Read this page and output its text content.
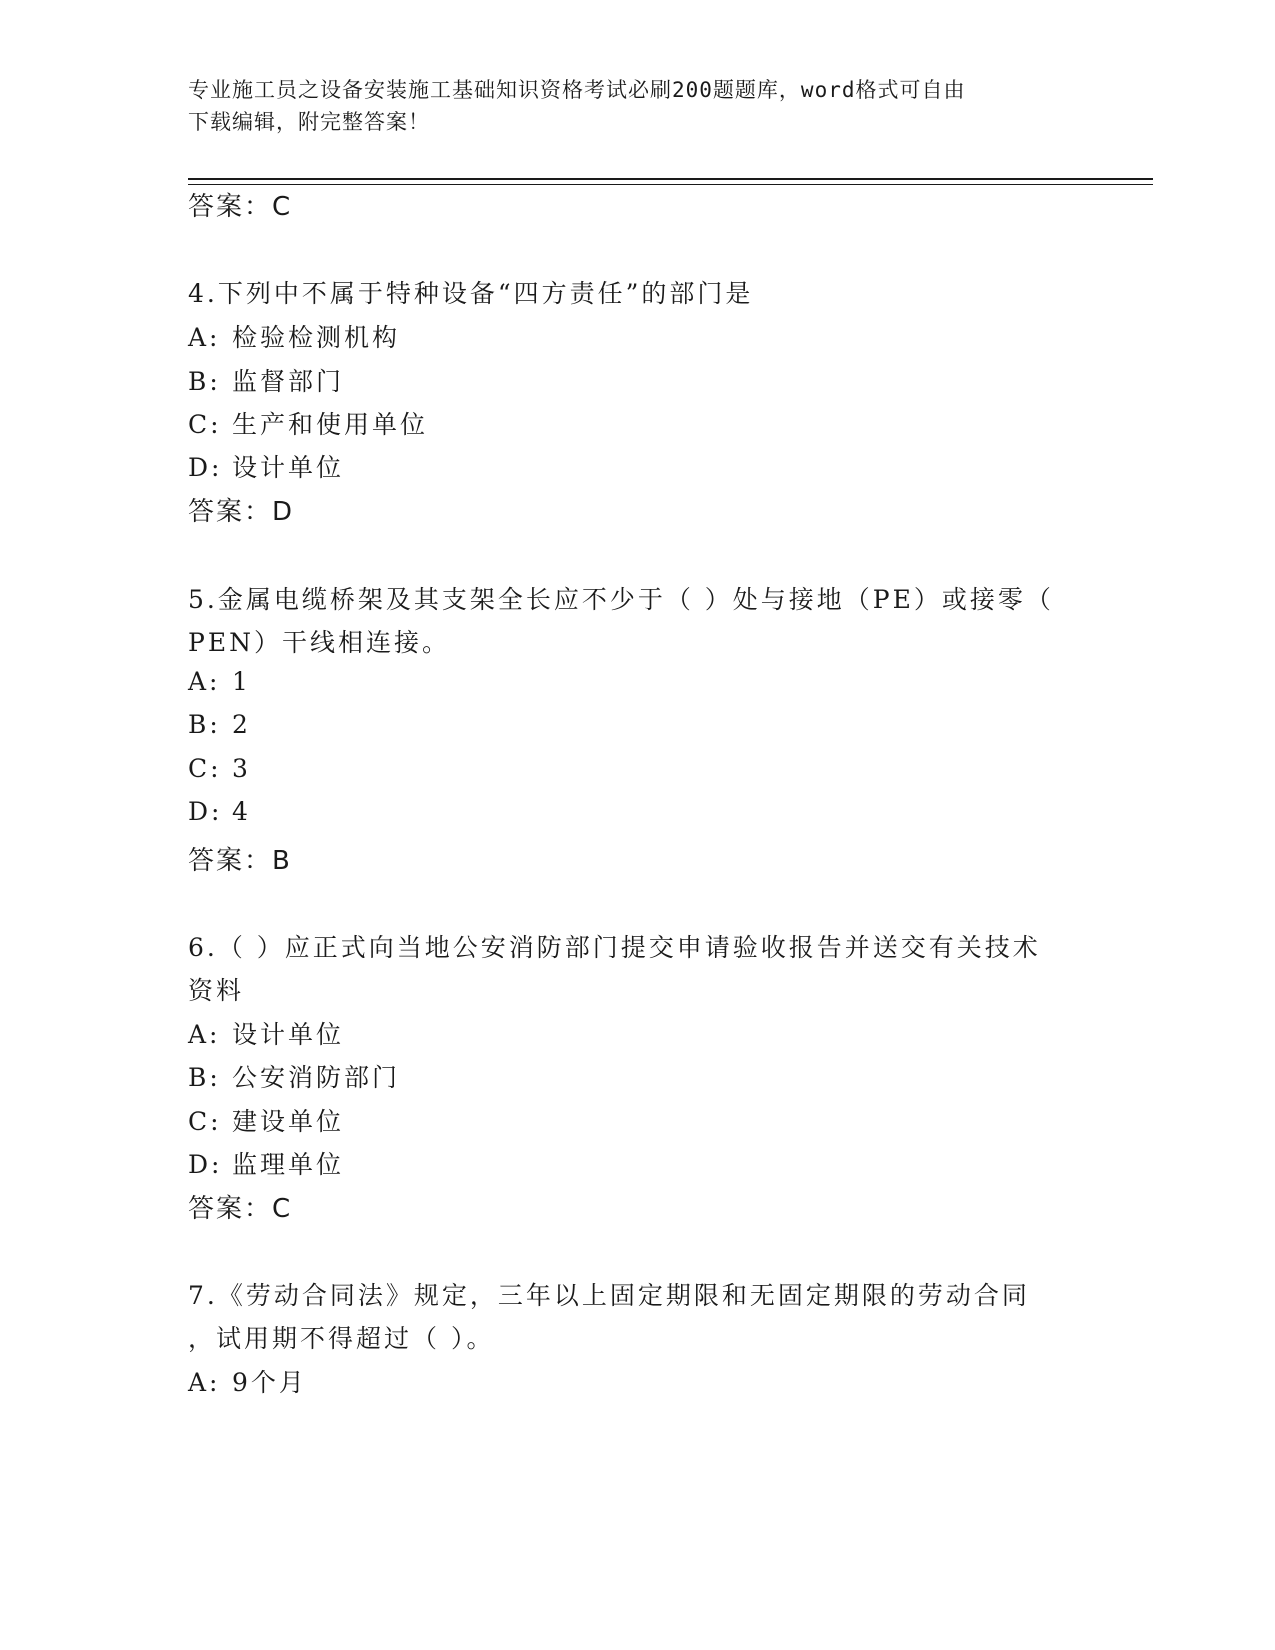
专业施工员之设备安装施工基础知识资格考试必刷200题题库，word格式可自由
下载编辑，附完整答案！
答案：C
4.下列中不属于特种设备“四方责任”的部门是
A: 检验检测机构
B: 监督部门
C: 生产和使用单位
D: 设计单位
答案：D
5.金属电缆桥架及其支架全长应不少于（ ）处与接地（PE）或接零（
PEN）干线相连接。
A: 1
B: 2
C: 3
D: 4
答案：B
6.（ ）应正式向当地公安消防部门提交申请验收报告并送交有关技术
资料
A: 设计单位
B: 公安消防部门
C: 建设单位
D: 监理单位
答案：C
7.《劳动合同法》规定，三年以上固定期限和无固定期限的劳动合同
，试用期不得超过（ ）。
A: 9个月
